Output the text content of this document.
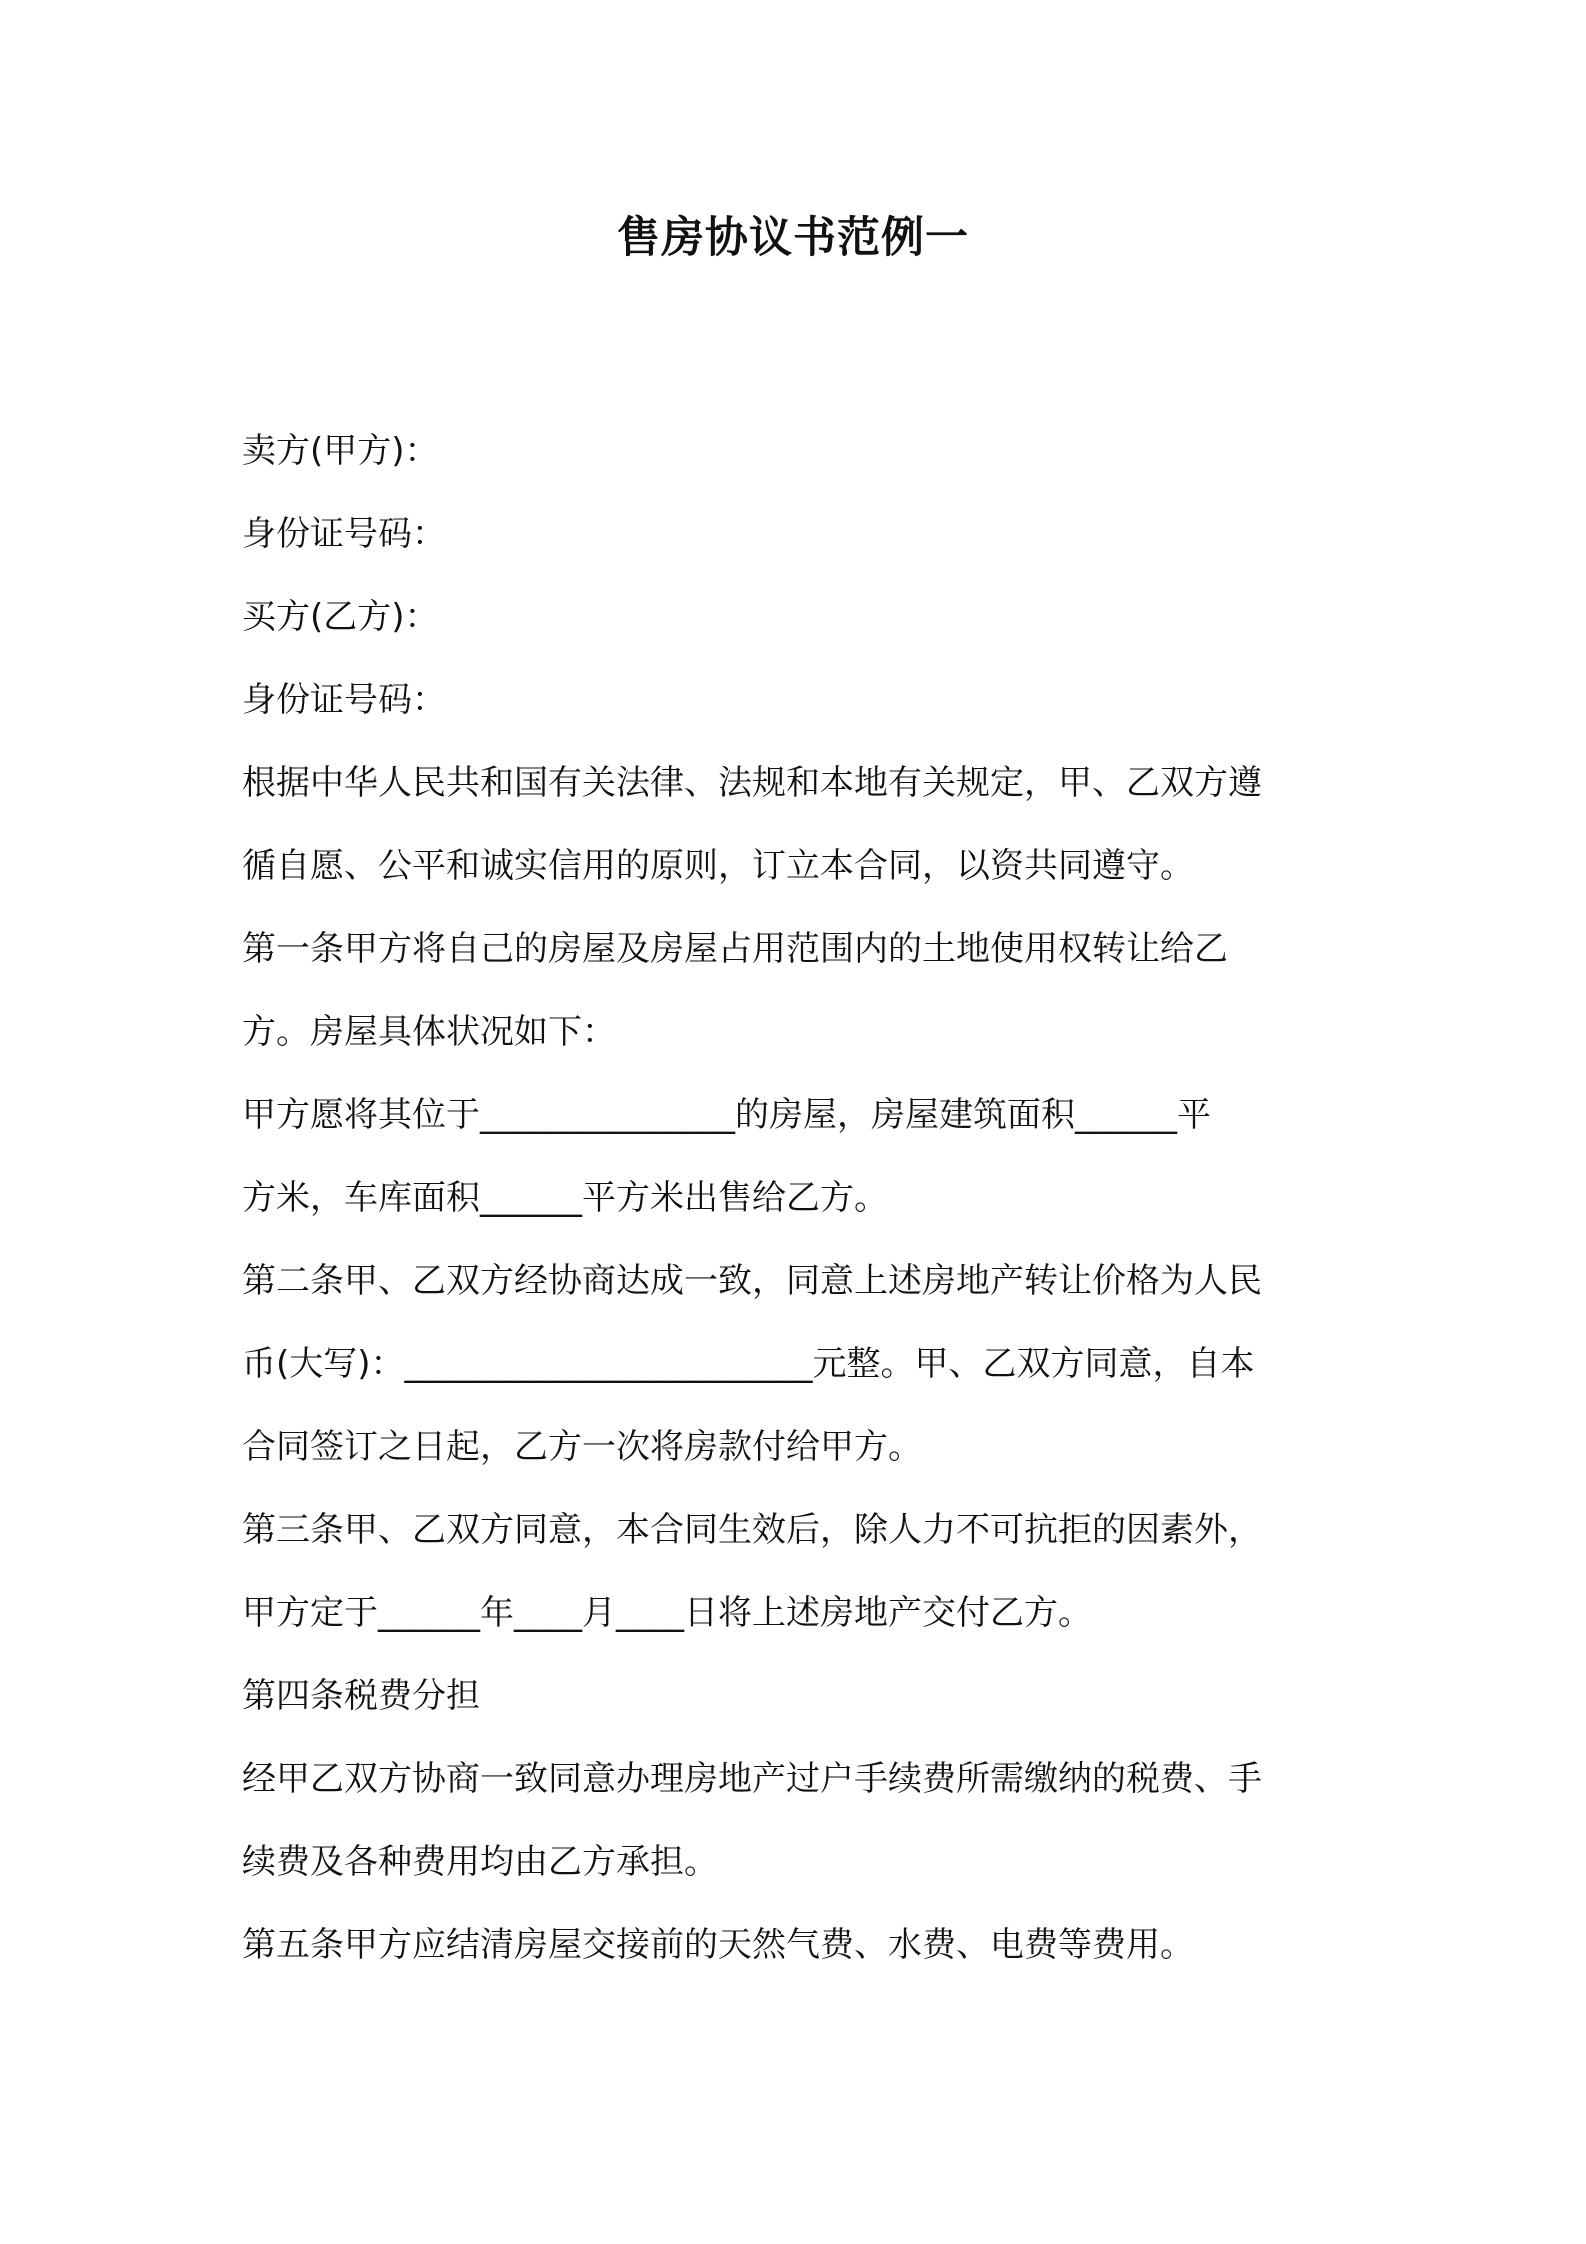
售房协议书范例一

卖方(甲方)：

身份证号码：

买方(乙方)：

身份证号码：

根据中华人民共和国有关法律、法规和本地有关规定，甲、乙双方遵

循自愿、公平和诚实信用的原则，订立本合同，以资共同遵守。

第一条甲方将自己的房屋及房屋占用范围内的土地使用权转让给乙

方。房屋具体状况如下：

甲方愿将其位于_______________的房屋，房屋建筑面积______平

方米，车库面积______平方米出售给乙方。

第二条甲、乙双方经协商达成一致，同意上述房地产转让价格为人民

币(大写)：________________________元整。甲、乙双方同意，自本

合同签订之日起，乙方一次将房款付给甲方。

第三条甲、乙双方同意，本合同生效后，除人力不可抗拒的因素外，

甲方定于______年____月____日将上述房地产交付乙方。

第四条税费分担

经甲乙双方协商一致同意办理房地产过户手续费所需缴纳的税费、手

续费及各种费用均由乙方承担。

第五条甲方应结清房屋交接前的天然气费、水费、电费等费用。
